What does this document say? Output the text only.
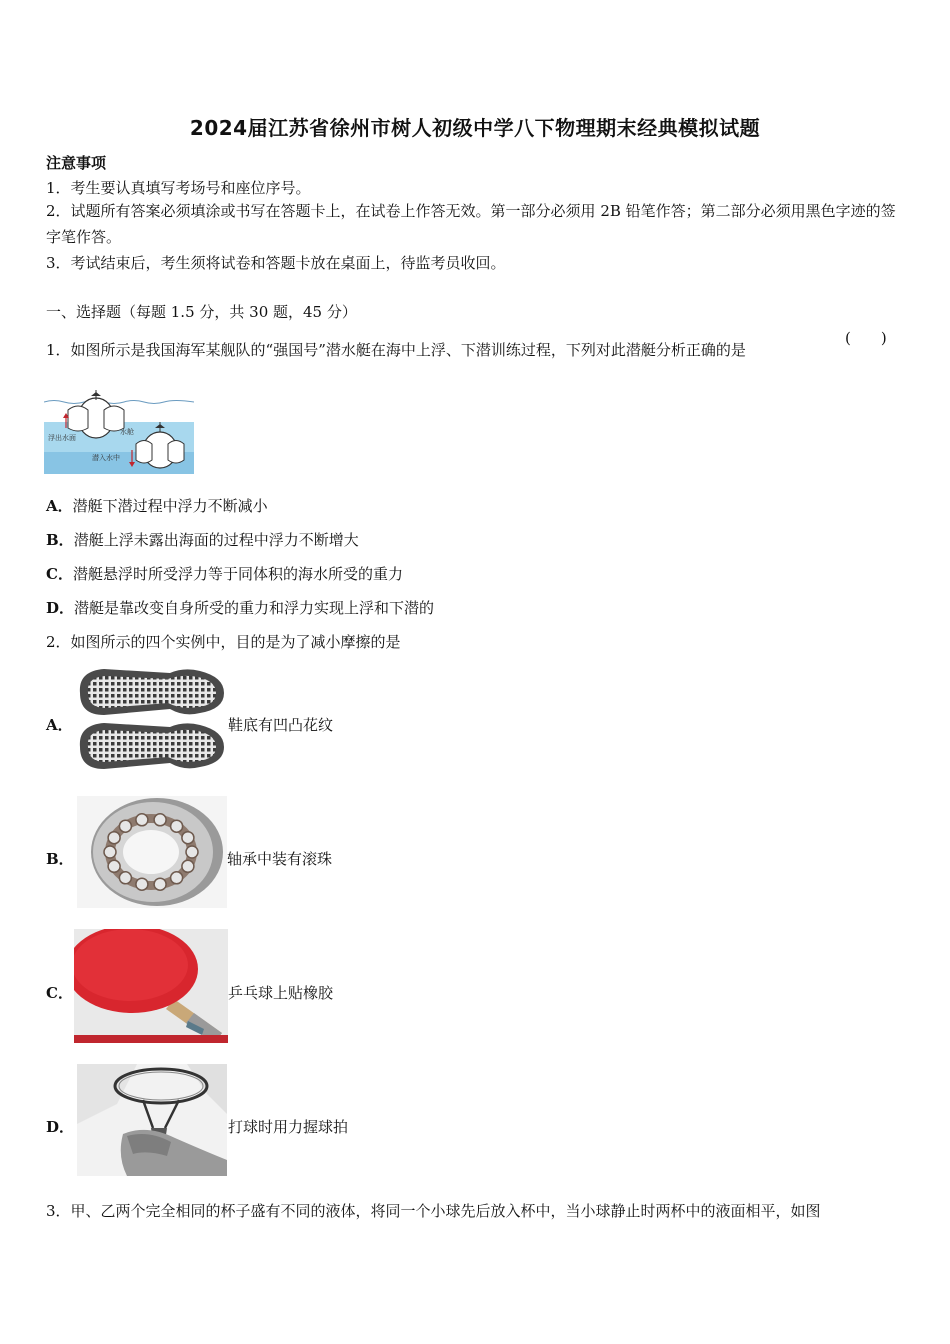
2024届江苏省徐州市树人初级中学八下物理期末经典模拟试题
注意事项
1．考生要认真填写考场号和座位序号。
2．试题所有答案必须填涂或书写在答题卡上，在试卷上作答无效。第一部分必须用 2B 铅笔作答；第二部分必须用黑色字迹的签字笔作答。
3．考试结束后，考生须将试卷和答题卡放在桌面上，待监考员收回。
一、选择题（每题 1.5 分，共 30 题，45 分）
1．如图所示是我国海军某舰队的“强国号”潜水艇在海中上浮、下潜训练过程，下列对此潜艇分析正确的是
(　　)
浮出水面
水舱
潜入水中
A．潜艇下潜过程中浮力不断减小
B．潜艇上浮未露出海面的过程中浮力不断增大
C．潜艇悬浮时所受浮力等于同体积的海水所受的重力
D．潜艇是靠改变自身所受的重力和浮力实现上浮和下潜的
2．如图所示的四个实例中，目的是为了减小摩擦的是
A．	鞋底有凹凸花纹
B．	轴承中装有滚珠
C．	乒乓球上贴橡胶
D．	打球时用力握球拍
3．甲、乙两个完全相同的杯子盛有不同的液体，将同一个小球先后放入杯中，当小球静止时两杯中的液面相平，如图
